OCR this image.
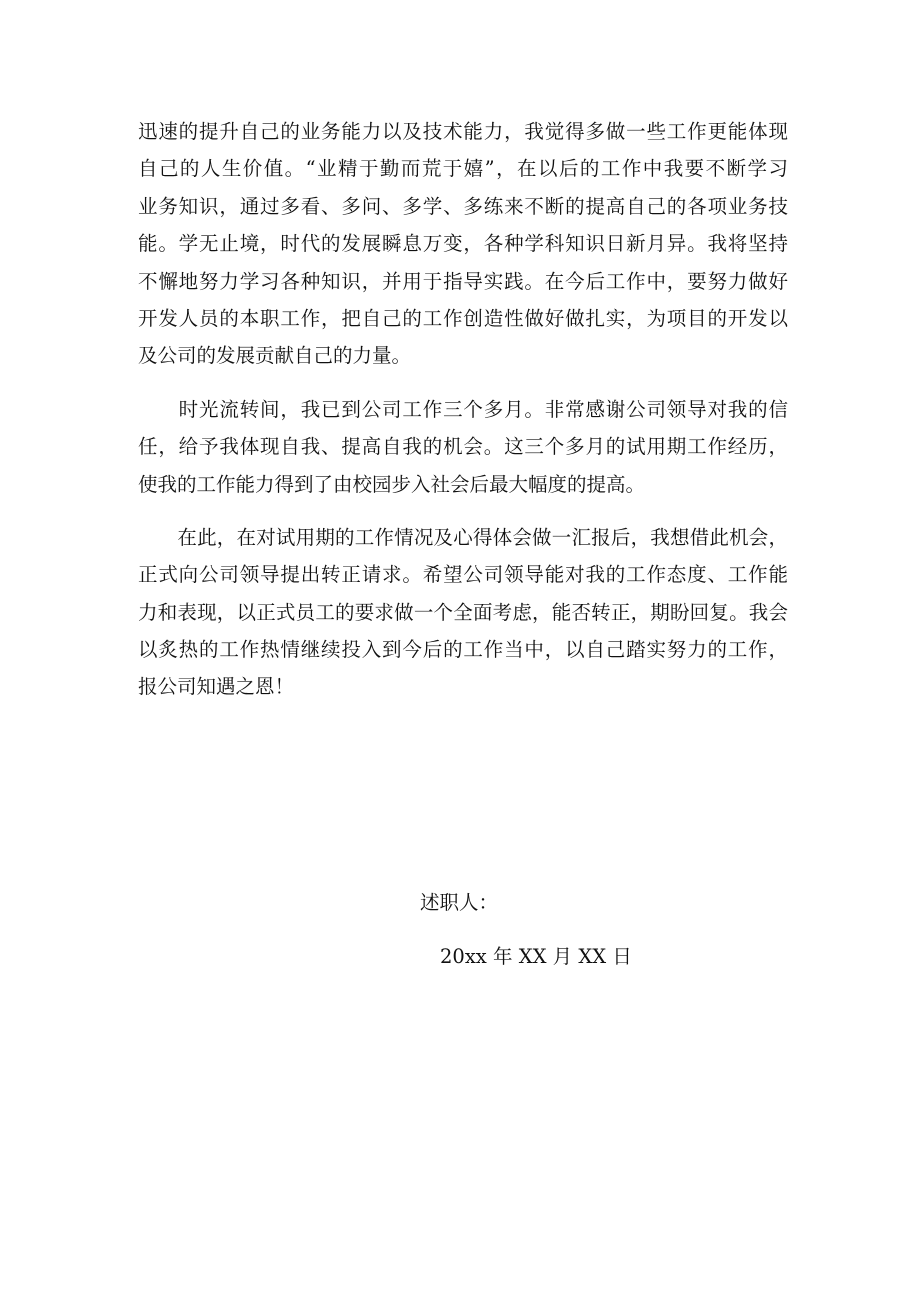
迅速的提升自己的业务能力以及技术能力，我觉得多做一些工作更能体现
自己的人生价值。“业精于勤而荒于嬉”，在以后的工作中我要不断学习
业务知识，通过多看、多问、多学、多练来不断的提高自己的各项业务技
能。学无止境，时代的发展瞬息万变，各种学科知识日新月异。我将坚持
不懈地努力学习各种知识，并用于指导实践。在今后工作中，要努力做好
开发人员的本职工作，把自己的工作创造性做好做扎实，为项目的开发以
及公司的发展贡献自己的力量。
　　时光流转间，我已到公司工作三个多月。非常感谢公司领导对我的信
任，给予我体现自我、提高自我的机会。这三个多月的试用期工作经历，
使我的工作能力得到了由校园步入社会后最大幅度的提高。
　　在此，在对试用期的工作情况及心得体会做一汇报后，我想借此机会，
正式向公司领导提出转正请求。希望公司领导能对我的工作态度、工作能
力和表现，以正式员工的要求做一个全面考虑，能否转正，期盼回复。我会
以炙热的工作热情继续投入到今后的工作当中，以自己踏实努力的工作，
报公司知遇之恩！
述职人：
20xx 年 XX 月 XX 日
